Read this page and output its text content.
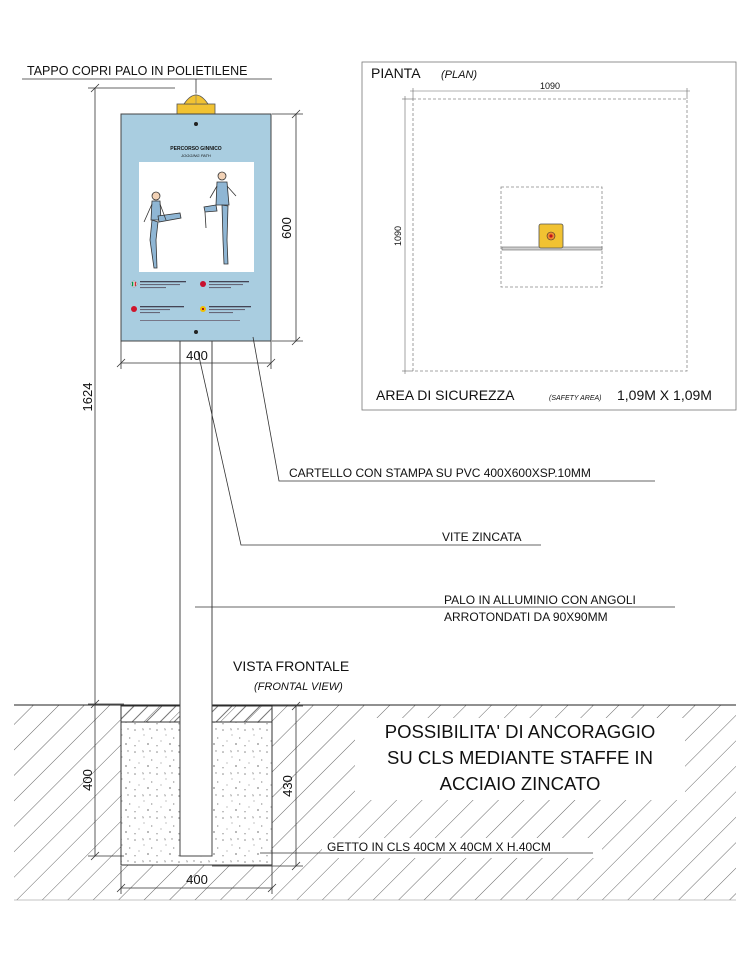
PERCORSO GINNICO
JOGGING PATH
TAPPO COPRI PALO IN POLIETILENE
CARTELLO CON STAMPA SU PVC 400X600XSP.10MM
VITE ZINCATA
PALO IN ALLUMINIO CON ANGOLI
ARROTONDATI DA 90X90MM
VISTA FRONTALE
(FRONTAL VIEW)
POSSIBILITA' DI ANCORAGGIO
SU CLS MEDIANTE STAFFE IN
ACCIAIO ZINCATO
GETTO IN CLS 40CM X 40CM X H.40CM
400
600
1624
400	430
400
PIANTA (PLAN)
1090
1090
AREA DI SICUREZZA	(SAFETY AREA) 1,09M X 1,09M
